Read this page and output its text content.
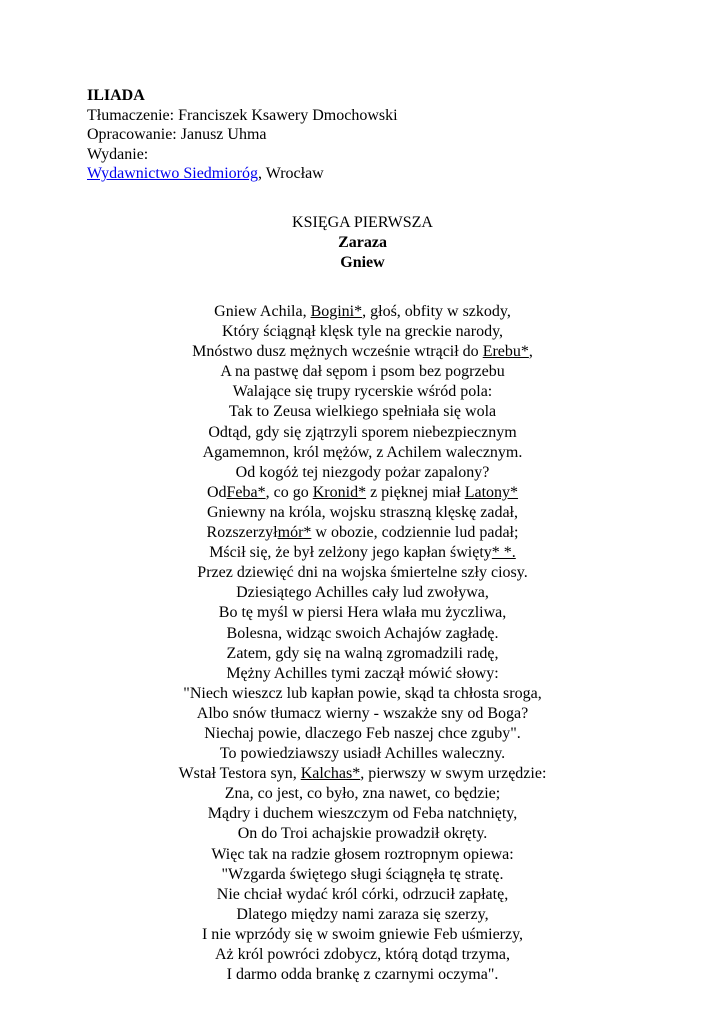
ILIADA
Tłumaczenie: Franciszek Ksawery Dmochowski
Opracowanie: Janusz Uhma
Wydanie:
Wydawnictwo Siedmioróg, Wrocław
KSIĘGA PIERWSZA
Zaraza
Gniew
Gniew Achila, Bogini*, głoś, obfity w szkody,
Który ściągnął klęsk tyle na greckie narody,
Mnóstwo dusz mężnych wcześnie wtrącił do Erebu*,
A na pastwę dał sępom i psom bez pogrzebu
Walające się trupy rycerskie wśród pola:
Tak to Zeusa wielkiego spełniała się wola
Odtąd, gdy się zjątrzyli sporem niebezpiecznym
Agamemnon, król mężów, z Achilem walecznym.
Od kogóż tej niezgody pożar zapalony?
OdFeba*, co go Kronid* z pięknej miał Latony*
Gniewny na króla, wojsku straszną klęskę zadał,
Rozszerzyłmór* w obozie, codziennie lud padał;
Mścił się, że był zelżony jego kapłan święty* *.
Przez dziewięć dni na wojska śmiertelne szły ciosy.
Dziesiątego Achilles cały lud zwoływa,
Bo tę myśl w piersi Hera wlała mu życzliwa,
Bolesna, widząc swoich Achajów zagładę.
Zatem, gdy się na walną zgromadzili radę,
Mężny Achilles tymi zaczął mówić słowy:
"Niech wieszcz lub kapłan powie, skąd ta chłosta sroga,
Albo snów tłumacz wierny - wszakże sny od Boga?
Niechaj powie, dlaczego Feb naszej chce zguby".
To powiedziawszy usiadł Achilles waleczny.
Wstał Testora syn, Kalchas*, pierwszy w swym urzędzie:
Zna, co jest, co było, zna nawet, co będzie;
Mądry i duchem wieszczym od Feba natchnięty,
On do Troi achajskie prowadził okręty.
Więc tak na radzie głosem roztropnym opiewa:
"Wzgarda świętego sługi ściągnęła tę stratę.
Nie chciał wydać król córki, odrzucił zapłatę,
Dlatego między nami zaraza się szerzy,
I nie wprzódy się w swoim gniewie Feb uśmierzy,
Aż król powróci zdobycz, którą dotąd trzyma,
I darmo odda brankę z czarnymi oczyma".
